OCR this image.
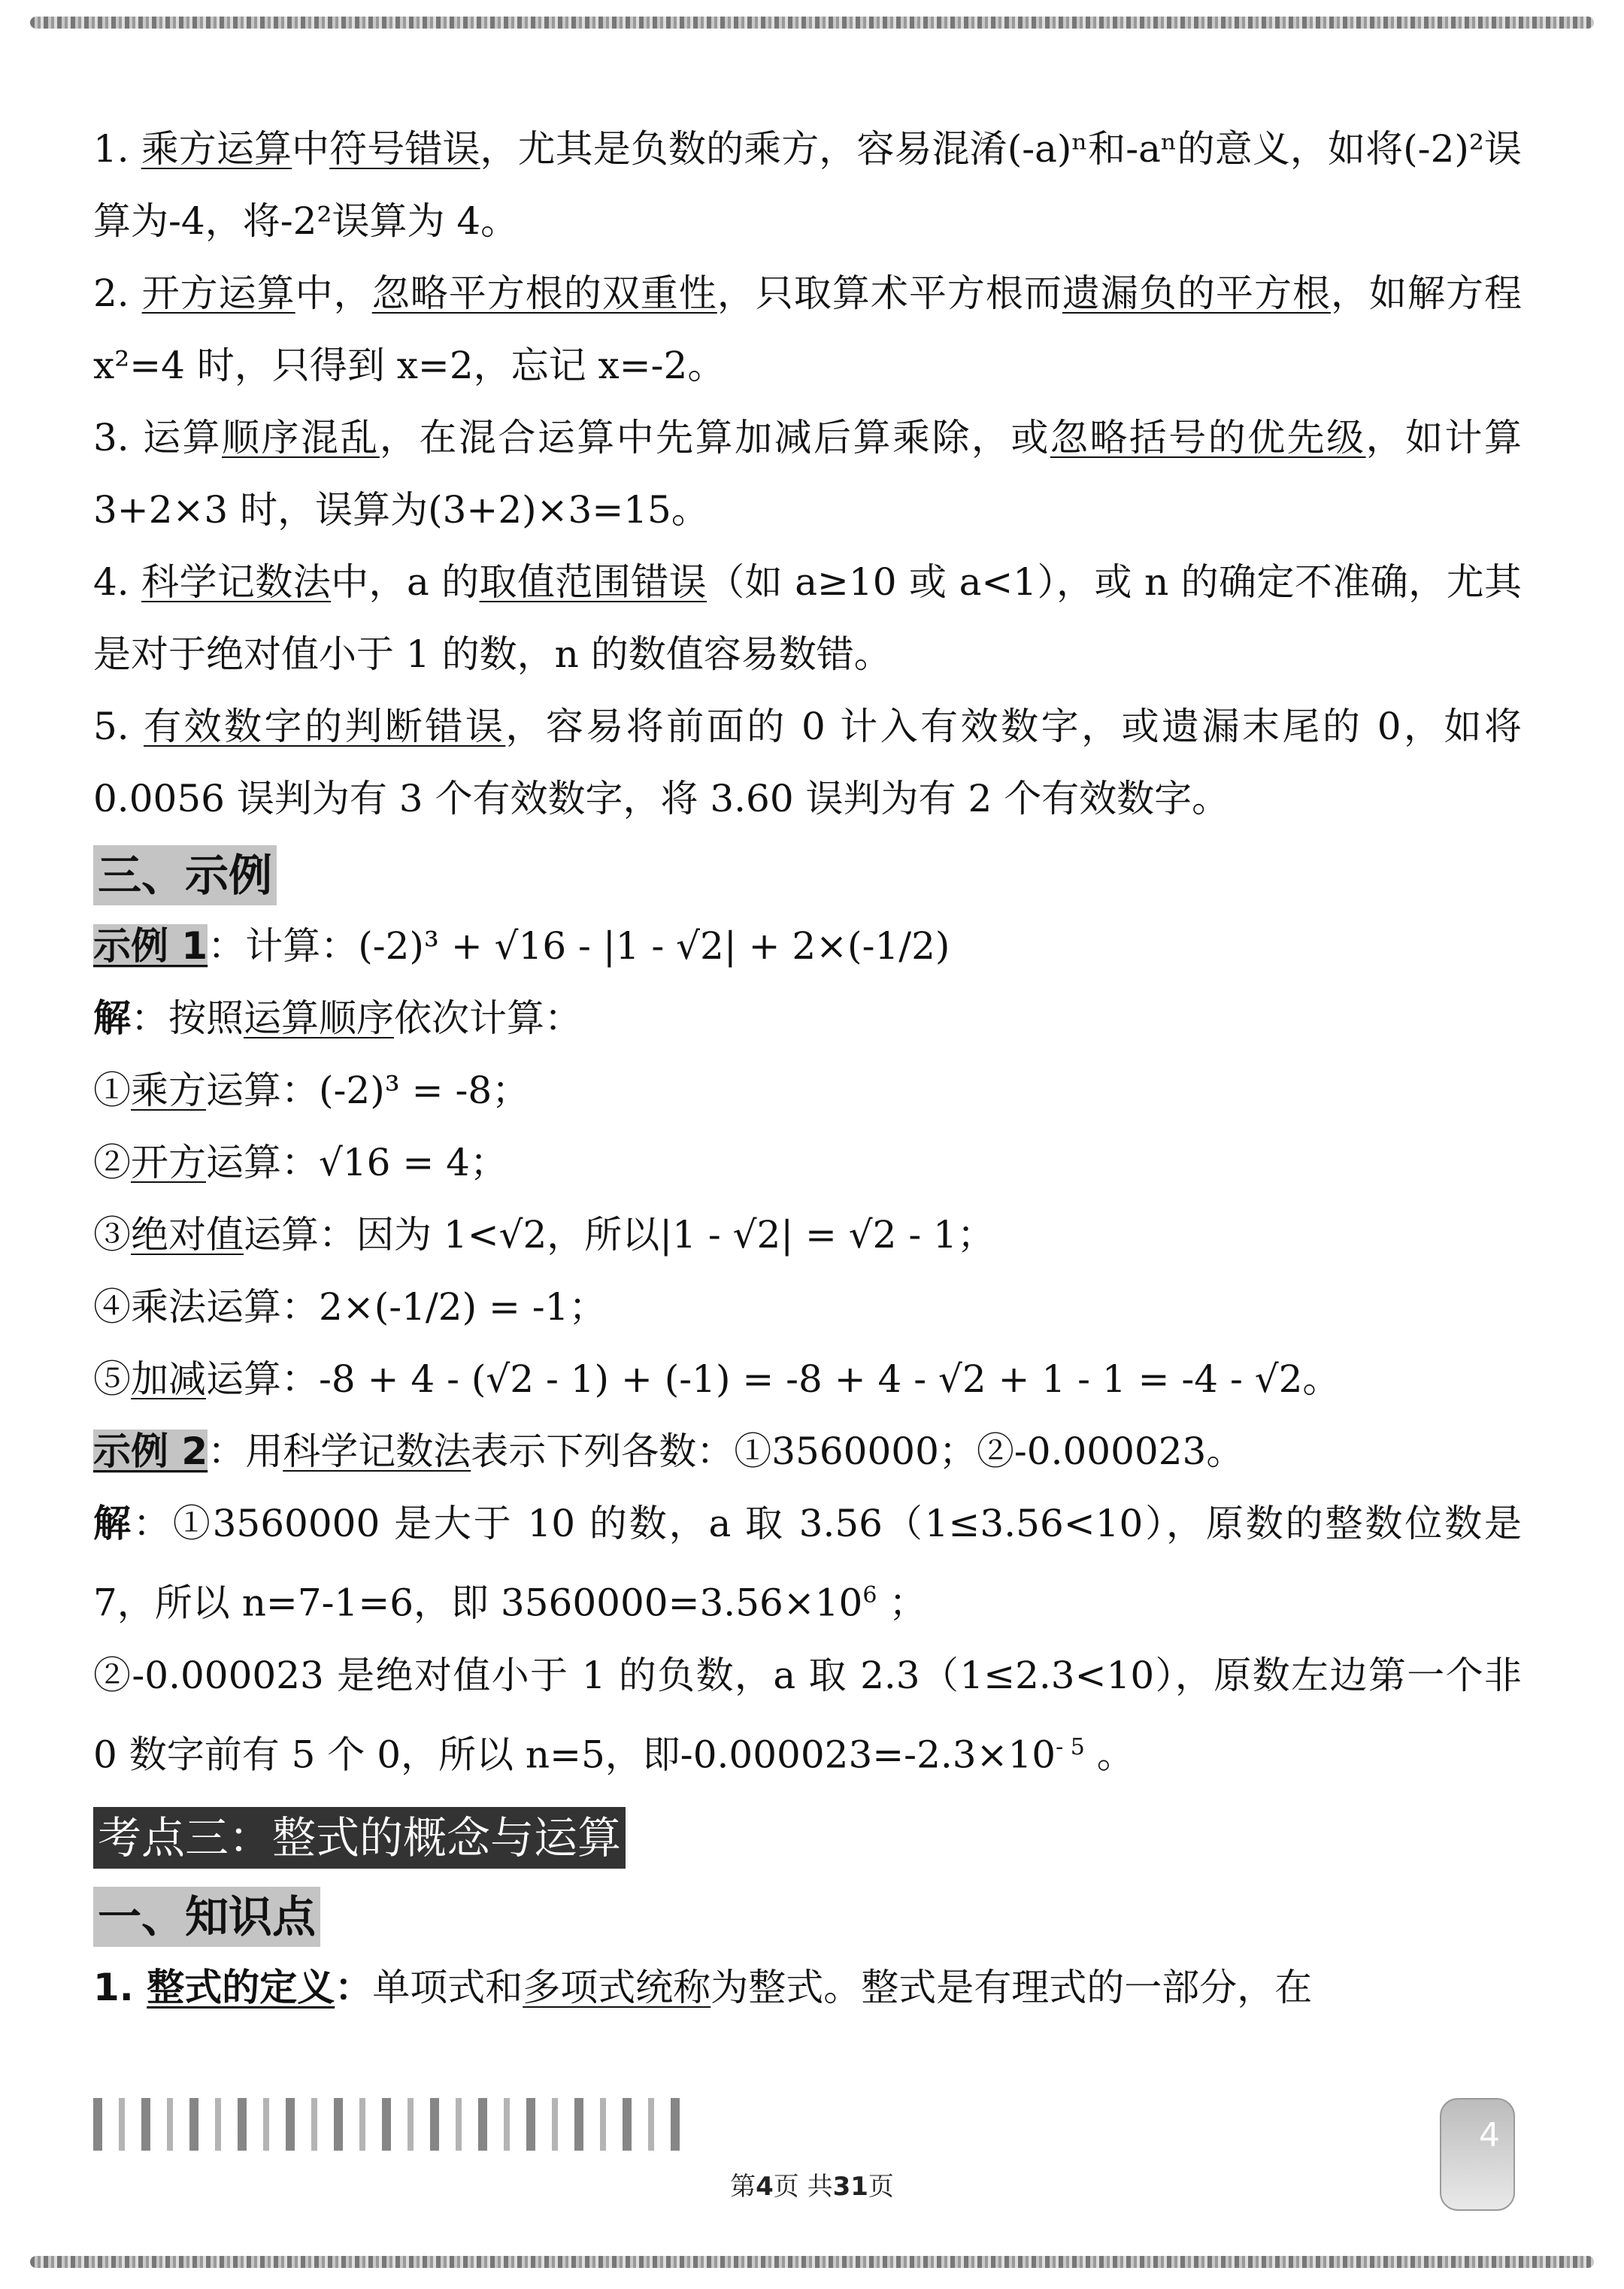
1. 乘方运算中符号错误，尤其是负数的乘方，容易混淆(-a)ⁿ和-aⁿ的意义，如将(-2)²误算为-4，将-2²误算为 4。

2. 开方运算中，忽略平方根的双重性，只取算术平方根而遗漏负的平方根，如解方程 x²=4 时，只得到 x=2，忘记 x=-2。

3. 运算顺序混乱，在混合运算中先算加减后算乘除，或忽略括号的优先级，如计算 3+2×3 时，误算为(3+2)×3=15。

4. 科学记数法中，a 的取值范围错误（如 a≥10 或 a<1），或 n 的确定不准确，尤其是对于绝对值小于 1 的数，n 的数值容易数错。

5. 有效数字的判断错误，容易将前面的 0 计入有效数字，或遗漏末尾的 0，如将 0.0056 误判为有 3 个有效数字，将 3.60 误判为有 2 个有效数字。

三、示例

示例 1：计算：(-2)³ + √16 - |1 - √2| + 2×(-1/2)

解：按照运算顺序依次计算：

①乘方运算：(-2)³ = -8；

②开方运算：√16 = 4；

③绝对值运算：因为 1<√2，所以|1 - √2| = √2 - 1；

④乘法运算：2×(-1/2) = -1；

⑤加减运算：-8 + 4 - (√2 - 1) + (-1) = -8 + 4 - √2 + 1 - 1 = -4 - √2。

示例 2：用科学记数法表示下列各数：①3560000；②-0.000023。

解：①3560000 是大于 10 的数，a 取 3.56（1≤3.56<10），原数的整数位数是 7，所以 n=7-1=6，即 $3560000=3.56\times 10^6$ ；

②-0.000023 是绝对值小于 1 的负数，a 取 2.3（1≤2.3<10），原数左边第一个非 0 数字前有 5 个 0，所以 n=5，即$-0.000023=-2.3\times 10^{- 5}$ 。

考点三：整式的概念与运算
一、知识点

1. 整式的定义：单项式和多项式统称为整式。整式是有理式的一部分，在

4
第4页 共31页
